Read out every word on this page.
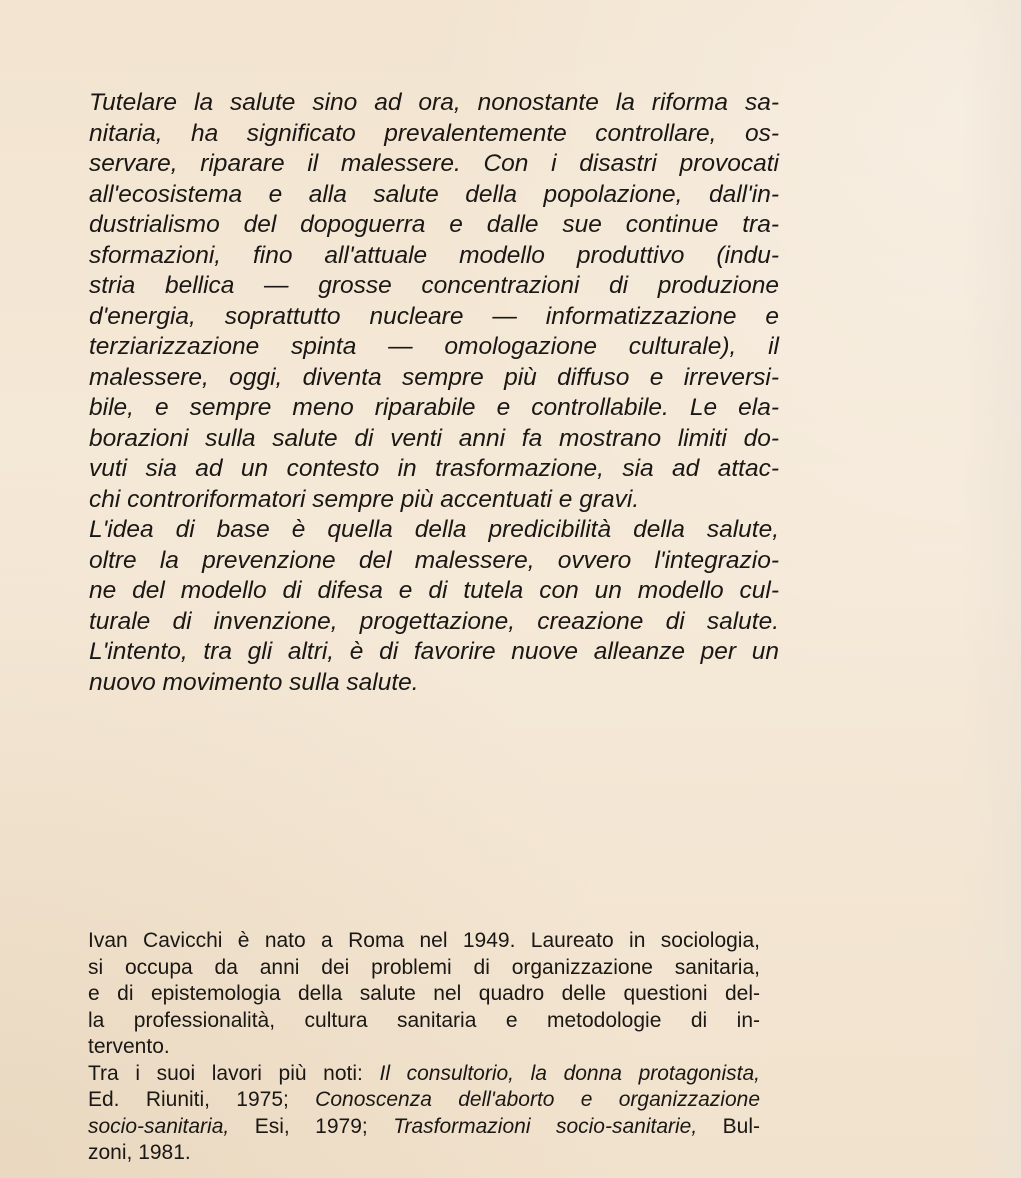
Tutelare la salute sino ad ora, nonostante la riforma sa-
nitaria, ha significato prevalentemente controllare, os-
servare, riparare il malessere. Con i disastri provocati
all'ecosistema e alla salute della popolazione, dall'in-
dustrialismo del dopoguerra e dalle sue continue tra-
sformazioni, fino all'attuale modello produttivo (indu-
stria bellica — grosse concentrazioni di produzione
d'energia, soprattutto nucleare — informatizzazione e
terziarizzazione spinta — omologazione culturale), il
malessere, oggi, diventa sempre più diffuso e irreversi-
bile, e sempre meno riparabile e controllabile. Le ela-
borazioni sulla salute di venti anni fa mostrano limiti do-
vuti sia ad un contesto in trasformazione, sia ad attac-
chi controriformatori sempre più accentuati e gravi.
L'idea di base è quella della predicibilità della salute,
oltre la prevenzione del malessere, ovvero l'integrazio-
ne del modello di difesa e di tutela con un modello cul-
turale di invenzione, progettazione, creazione di salute.
L'intento, tra gli altri, è di favorire nuove alleanze per un
nuovo movimento sulla salute.
Ivan Cavicchi è nato a Roma nel 1949. Laureato in sociologia,
si occupa da anni dei problemi di organizzazione sanitaria,
e di epistemologia della salute nel quadro delle questioni del-
la professionalità, cultura sanitaria e metodologie di in-
tervento.
Tra i suoi lavori più noti: Il consultorio, la donna protagonista,
Ed. Riuniti, 1975; Conoscenza dell'aborto e organizzazione
socio-sanitaria, Esi, 1979; Trasformazioni socio-sanitarie, Bul-
zoni, 1981.
